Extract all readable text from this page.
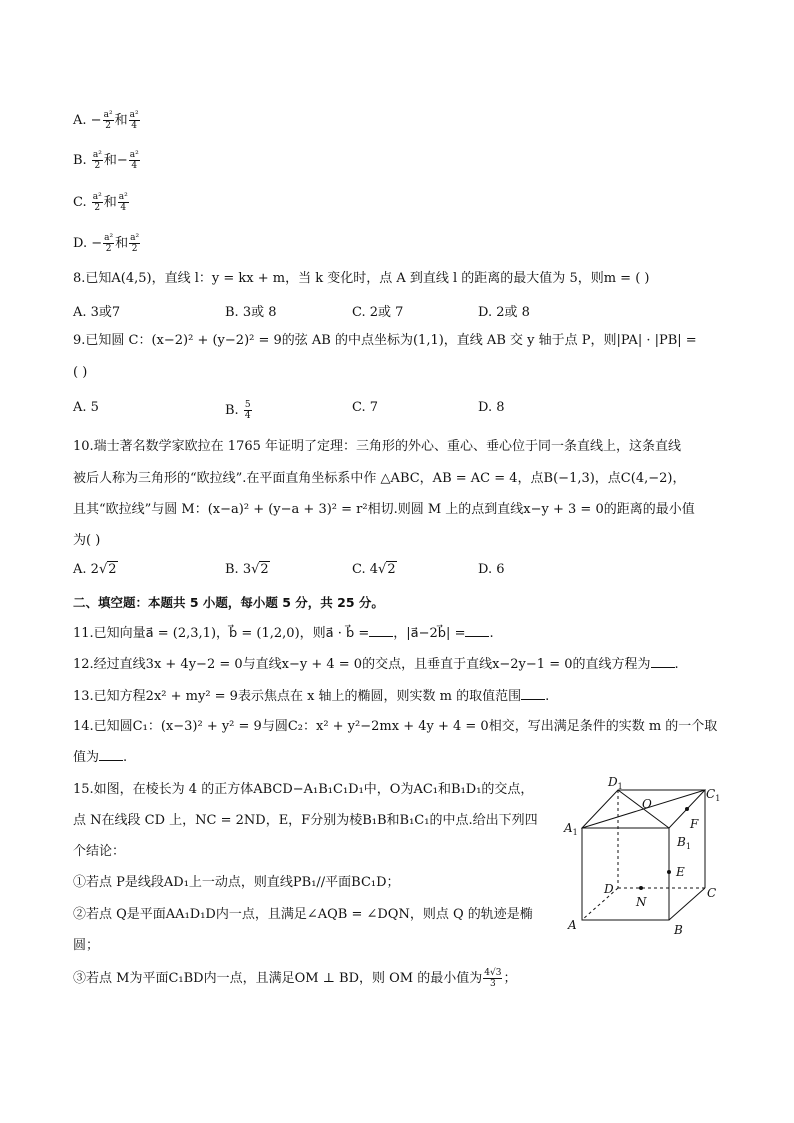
A. − $\frac{\text{a²}}{2}$ 和 $\frac{\text{a²}}{4}$
B. $\frac{\text{a²}}{2}$ 和− $\frac{\text{a²}}{4}$
C. $\frac{\text{a²}}{2}$ 和 $\frac{\text{a²}}{4}$
D. − $\frac{\text{a²}}{2}$ 和 $\frac{\text{a²}}{2}$
8.已知A(4,5)，直线 l：y = kx + m，当 k 变化时，点 A 到直线 l 的距离的最大值为 5，则m = ( )
A. 3或7	B. 3或 8	C. 2或 7	D. 2或 8
9.已知圆 C：(x−2)² + (y−2)² = 9的弦 AB 的中点坐标为(1,1)，直线 AB 交 y 轴于点 P，则|PA| · |PB| =
( )
A. 5	B. $\frac{5}{4}$	C. 7	D. 8
10.瑞士著名数学家欧拉在 1765 年证明了定理：三角形的外心、重心、垂心位于同一条直线上，这条直线
被后人称为三角形的“欧拉线”.在平面直角坐标系中作 △ABC，AB = AC = 4，点B(−1,3)，点C(4,−2)，
且其“欧拉线”与圆 M：(x−a)² + (y−a + 3)² = r²相切.则圆 M 上的点到直线x−y + 3 = 0的距离的最小值
为( )
A. 2√2	B. 3√2	C. 4√2	D. 6
二、填空题：本题共 5 小题，每小题 5 分，共 25 分。
11.已知向量a⃗ = (2,3,1)，b⃗ = (1,2,0)，则a⃗ · b⃗ = ，|a⃗−2b⃗| = .
12.经过直线3x + 4y−2 = 0与直线x−y + 4 = 0的交点，且垂直于直线x−2y−1 = 0的直线方程为 .
13.已知方程2x² + my² = 9表示焦点在 x 轴上的椭圆，则实数 m 的取值范围 .
14.已知圆C₁：(x−3)² + y² = 9与圆C₂：x² + y²−2mx + 4y + 4 = 0相交，写出满足条件的实数 m 的一个取
值为 .
15.如图，在棱长为 4 的正方体ABCD−A₁B₁C₁D₁中，O为AC₁和B₁D₁的交点，
点 N在线段 CD 上，NC = 2ND，E，F分别为棱B₁B和B₁C₁的中点.给出下列四
个结论：
①若点 P是线段AD₁上一动点，则直线PB₁//平面BC₁D；
②若点 Q是平面AA₁D₁D内一点，且满足∠AQB = ∠DQN，则点 Q 的轨迹是椭
圆；
③若点 M为平面C₁BD内一点，且满足OM ⊥ BD，则 OM 的最小值为 $\frac{4√3}{3}$ ；
$D_1$
$C_1$
$A_1$
$B_1$
O
F
E
D
N
C
A	B
